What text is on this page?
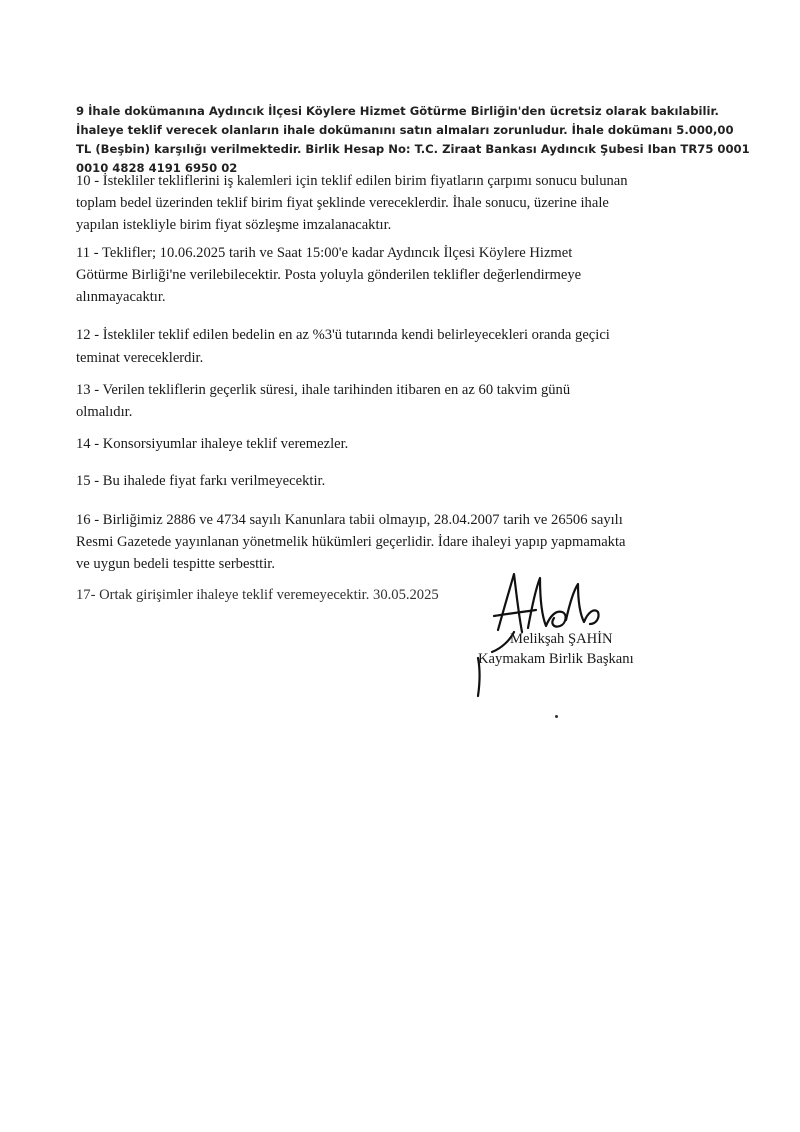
9 İhale dokümanına Aydıncık İlçesi Köylere Hizmet Götürme Birliğin'den ücretsiz olarak bakılabilir.
İhaleye teklif verecek olanların ihale dokümanını satın almaları zorunludur. İhale dokümanı 5.000,00
TL (Beşbin) karşılığı verilmektedir. Birlik Hesap No: T.C. Ziraat Bankası Aydıncık Şubesi Iban TR75 0001
0010 4828 4191 6950 02
10 - İstekliler tekliflerini iş kalemleri için teklif edilen birim fiyatların çarpımı sonucu bulunan
toplam bedel üzerinden teklif birim fiyat şeklinde vereceklerdir. İhale sonucu, üzerine ihale
yapılan istekliyle birim fiyat sözleşme imzalanacaktır.
11 - Teklifler; 10.06.2025 tarih ve Saat 15:00'e kadar Aydıncık İlçesi Köylere Hizmet
Götürme Birliği'ne verilebilecektir. Posta yoluyla gönderilen teklifler değerlendirmeye
alınmayacaktır.
12 - İstekliler teklif edilen bedelin en az %3'ü tutarında kendi belirleyecekleri oranda geçici
teminat vereceklerdir.
13 - Verilen tekliflerin geçerlik süresi, ihale tarihinden itibaren en az 60 takvim günü
olmalıdır.
14 - Konsorsiyumlar ihaleye teklif veremezler.
15 - Bu ihalede fiyat farkı verilmeyecektir.
16 - Birliğimiz 2886 ve 4734 sayılı Kanunlara tabii olmayıp, 28.04.2007 tarih ve 26506 sayılı
Resmi Gazetede yayınlanan yönetmelik hükümleri geçerlidir. İdare ihaleyi yapıp yapmamakta
ve uygun bedeli tespitte serbesttir.
17- Ortak girişimler ihaleye teklif veremeyecektir. 30.05.2025
Melikşah ŞAHİN
Kaymakam Birlik Başkanı
